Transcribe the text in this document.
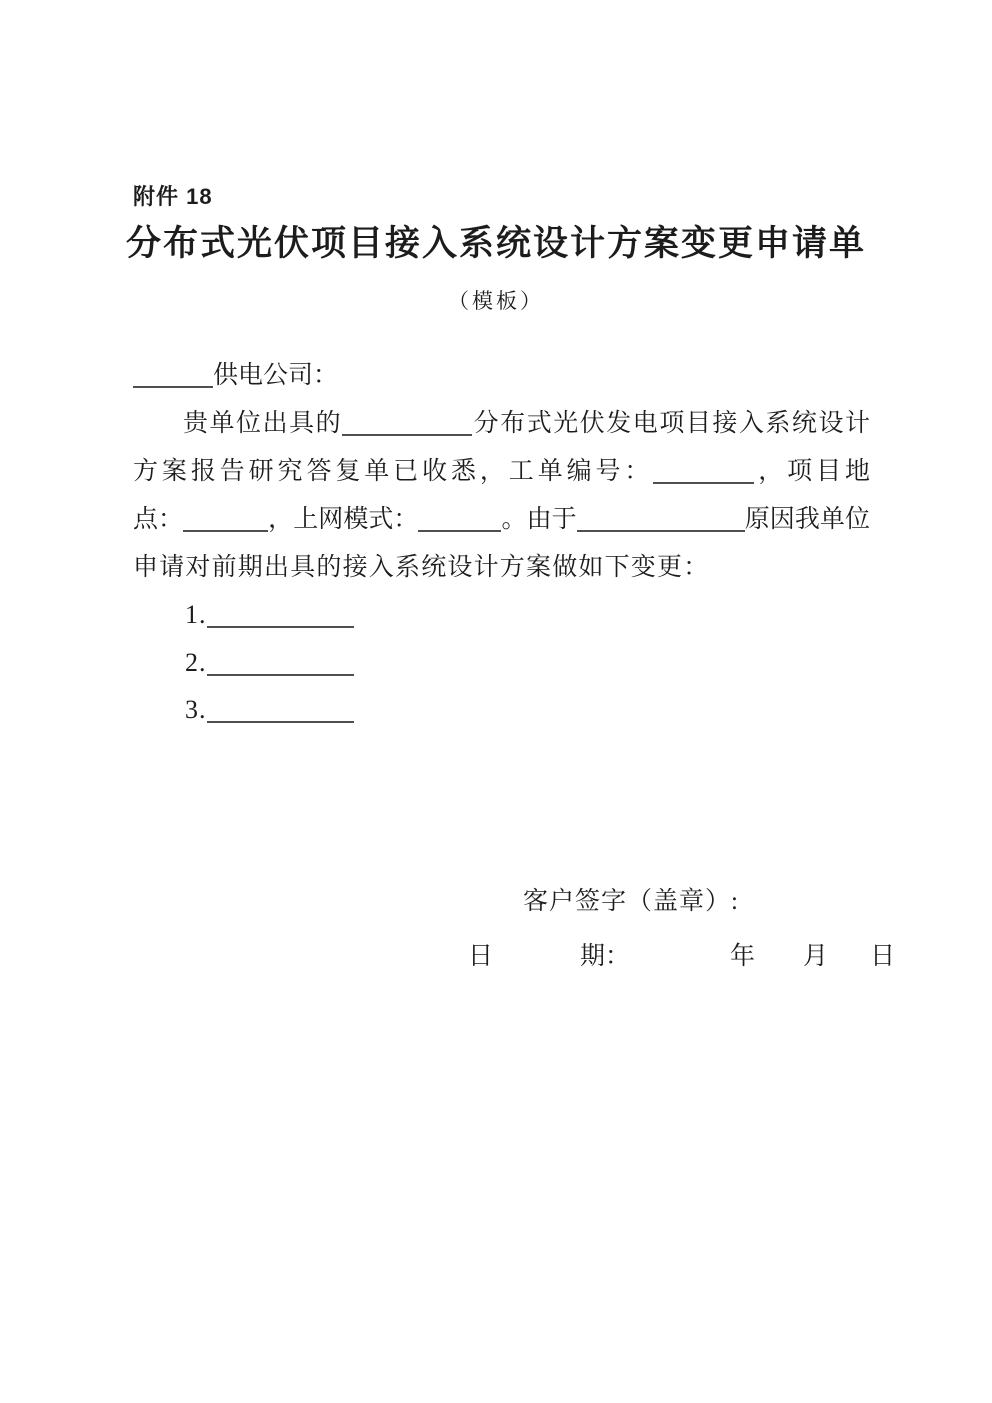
附件 18
分布式光伏项目接入系统设计方案变更申请单
（模板）
供电公司：
贵单位出具的	分布式光伏发电项目接入系统设计
方案报告研究答复单已收悉，工单编号：	，项目地
点：	，上网模式：	。由于	原因我单位
申请对前期出具的接入系统设计方案做如下变更：
1.
2.
3.
客户签字（盖章）:
日	期：	年 月 日
